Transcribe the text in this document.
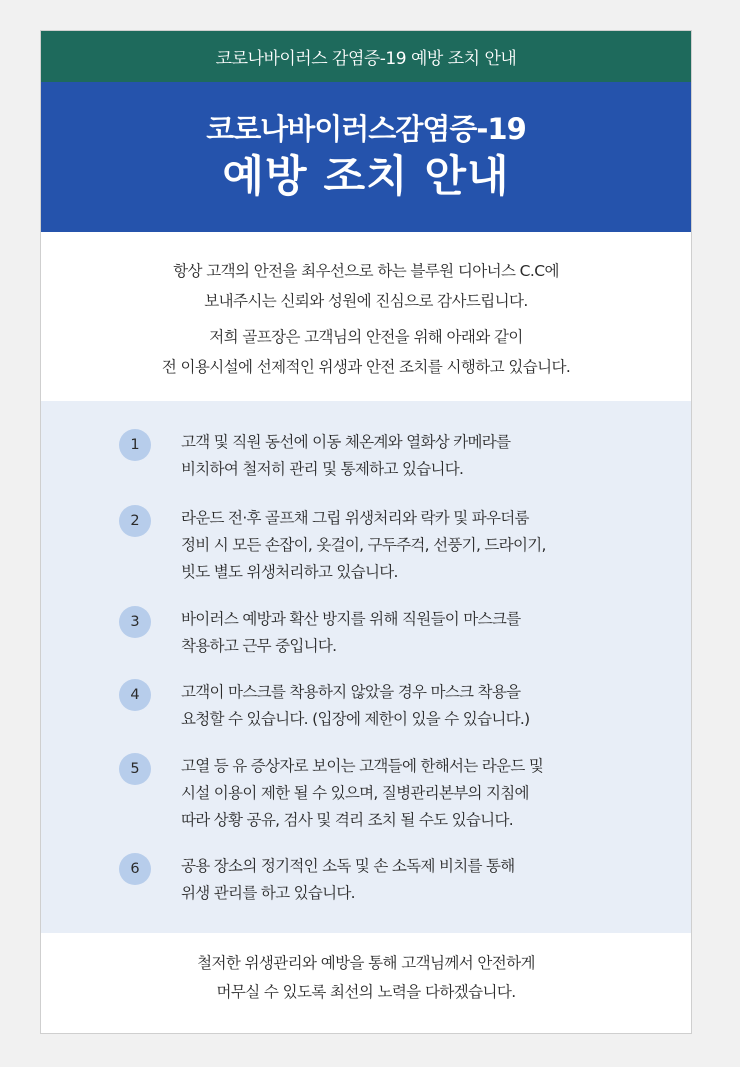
코로나바이러스 감염증-19 예방 조치 안내
코로나바이러스감염증-19
예방 조치 안내

항상 고객의 안전을 최우선으로 하는 블루원 디아너스 C.C에
보내주시는 신뢰와 성원에 진심으로 감사드립니다.

저희 골프장은 고객님의 안전을 위해 아래와 같이
전 이용시설에 선제적인 위생과 안전 조치를 시행하고 있습니다.

1	고객 및 직원 동선에 이동 체온계와 열화상 카메라를
비치하여 철저히 관리 및 통제하고 있습니다.
2	라운드 전·후 골프채 그립 위생처리와 락카 및 파우더룸
정비 시 모든 손잡이, 옷걸이, 구두주걱, 선풍기, 드라이기,
빗도 별도 위생처리하고 있습니다.
3	바이러스 예방과 확산 방지를 위해 직원들이 마스크를
착용하고 근무 중입니다.
4	고객이 마스크를 착용하지 않았을 경우 마스크 착용을
요청할 수 있습니다. (입장에 제한이 있을 수 있습니다.)
5	고열 등 유 증상자로 보이는 고객들에 한해서는 라운드 및
시설 이용이 제한 될 수 있으며, 질병관리본부의 지침에
따라 상황 공유, 검사 및 격리 조치 될 수도 있습니다.
6	공용 장소의 정기적인 소독 및 손 소독제 비치를 통해
위생 관리를 하고 있습니다.
철저한 위생관리와 예방을 통해 고객님께서 안전하게
머무실 수 있도록 최선의 노력을 다하겠습니다.
